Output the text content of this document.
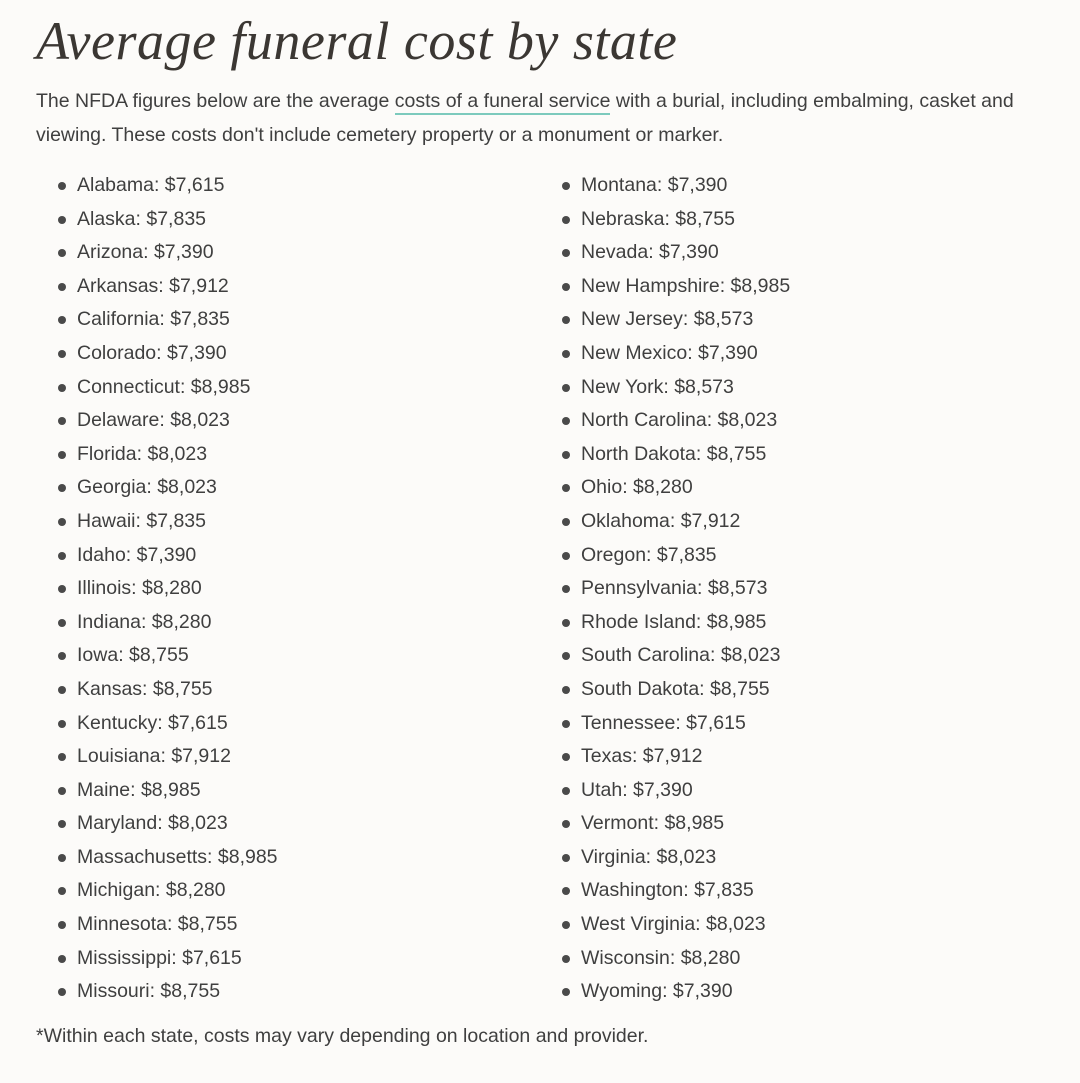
Average funeral cost by state

The NFDA figures below are the average costs of a funeral service with a burial, including embalming, casket and viewing. These costs don't include cemetery property or a monument or marker.

Alabama: $7,615
Alaska: $7,835
Arizona: $7,390
Arkansas: $7,912
California: $7,835
Colorado: $7,390
Connecticut: $8,985
Delaware: $8,023
Florida: $8,023
Georgia: $8,023
Hawaii: $7,835
Idaho: $7,390
Illinois: $8,280
Indiana: $8,280
Iowa: $8,755
Kansas: $8,755
Kentucky: $7,615
Louisiana: $7,912
Maine: $8,985
Maryland: $8,023
Massachusetts: $8,985
Michigan: $8,280
Minnesota: $8,755
Mississippi: $7,615
Missouri: $8,755
Montana: $7,390
Nebraska: $8,755
Nevada: $7,390
New Hampshire: $8,985
New Jersey: $8,573
New Mexico: $7,390
New York: $8,573
North Carolina: $8,023
North Dakota: $8,755
Ohio: $8,280
Oklahoma: $7,912
Oregon: $7,835
Pennsylvania: $8,573
Rhode Island: $8,985
South Carolina: $8,023
South Dakota: $8,755
Tennessee: $7,615
Texas: $7,912
Utah: $7,390
Vermont: $8,985
Virginia: $8,023
Washington: $7,835
West Virginia: $8,023
Wisconsin: $8,280
Wyoming: $7,390

*Within each state, costs may vary depending on location and provider.
